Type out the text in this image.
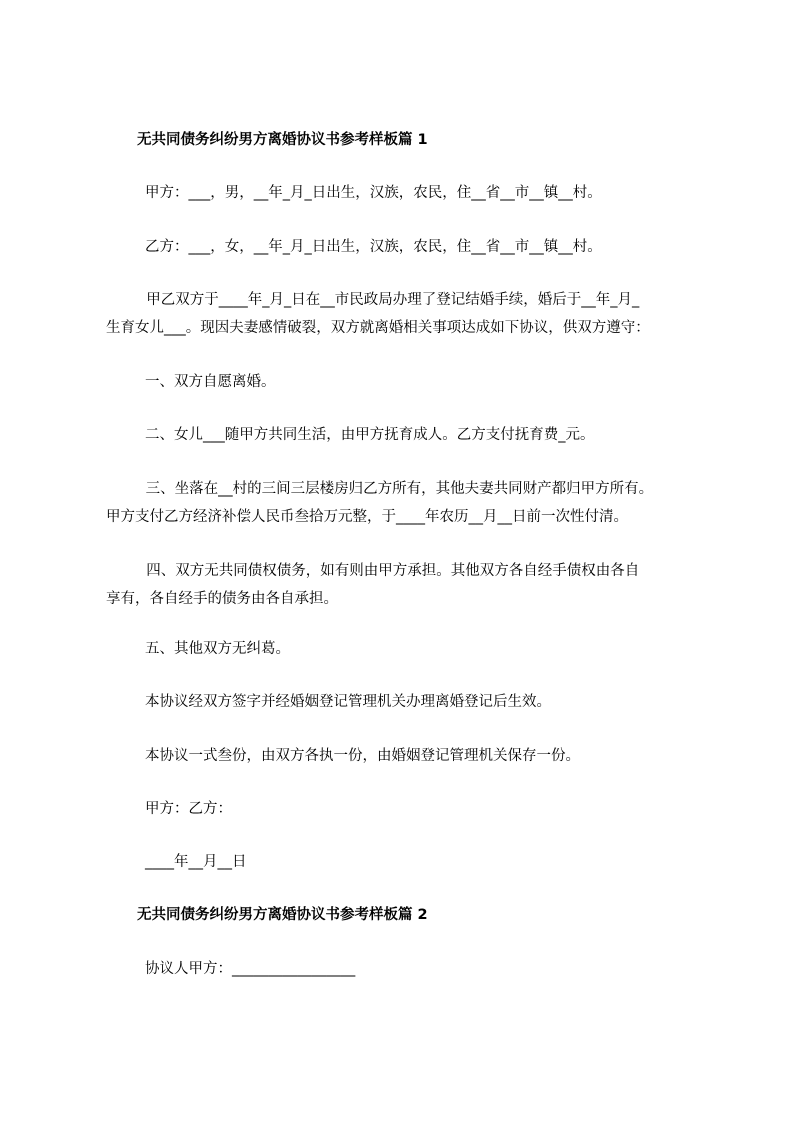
无共同债务纠纷男方离婚协议书参考样板篇 1
甲方：___，男，__年_月_日出生，汉族，农民，住__省__市__镇__村。
乙方：___，女，__年_月_日出生，汉族，农民，住__省__市__镇__村。
甲乙双方于____年_月_日在__市民政局办理了登记结婚手续，婚后于__年_月_
生育女儿___。现因夫妻感情破裂，双方就离婚相关事项达成如下协议，供双方遵守：
一、双方自愿离婚。
二、女儿___随甲方共同生活，由甲方抚育成人。乙方支付抚育费_元。
三、坐落在__村的三间三层楼房归乙方所有，其他夫妻共同财产都归甲方所有。
甲方支付乙方经济补偿人民币叁拾万元整，于____年农历__月__日前一次性付清。
四、双方无共同债权债务，如有则由甲方承担。其他双方各自经手债权由各自
享有，各自经手的债务由各自承担。
五、其他双方无纠葛。
本协议经双方签字并经婚姻登记管理机关办理离婚登记后生效。
本协议一式叁份，由双方各执一份，由婚姻登记管理机关保存一份。
甲方：乙方：
____年__月__日
无共同债务纠纷男方离婚协议书参考样板篇 2
协议人甲方：_________________
